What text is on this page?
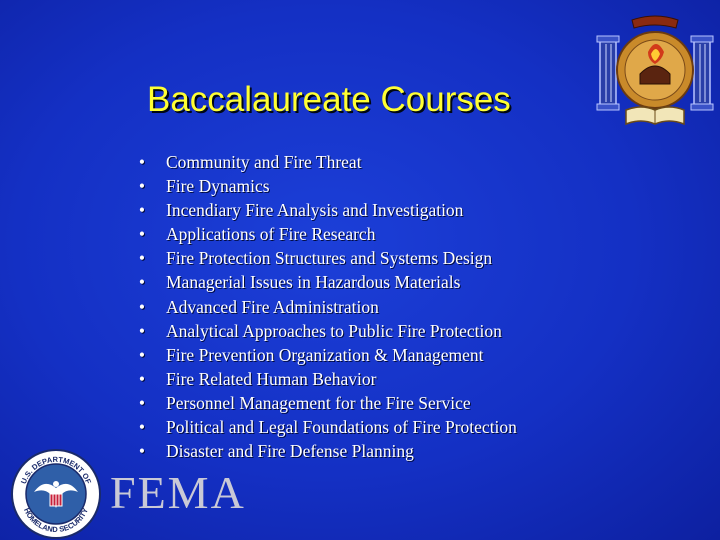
Baccalaureate Courses
• Community and Fire Threat
• Fire Dynamics
• Incendiary Fire Analysis and Investigation
• Applications of Fire Research
• Fire Protection Structures and Systems Design
• Managerial Issues in Hazardous Materials
• Advanced Fire Administration
• Analytical Approaches to Public Fire Protection
• Fire Prevention Organization & Management
• Fire Related Human Behavior
• Personnel Management for the Fire Service
• Political and Legal Foundations of Fire Protection
• Disaster and Fire Defense Planning
U.S. DEPARTMENT OF
HOMELAND SECURITY FEMA
